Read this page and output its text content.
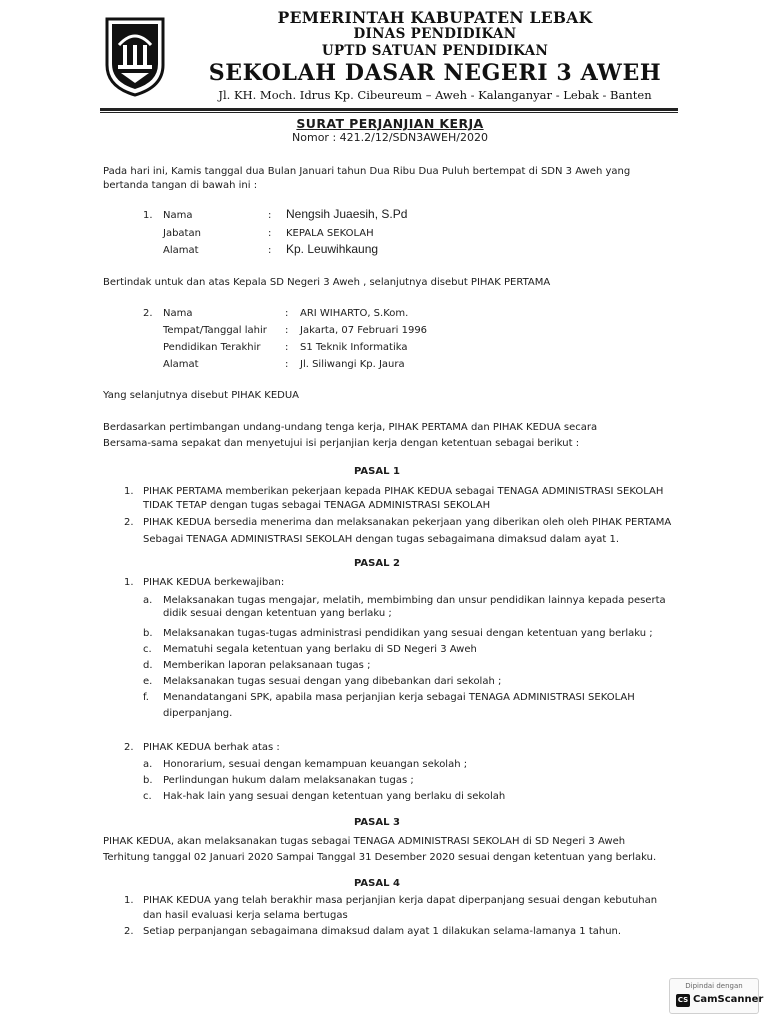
PEMERINTAH KABUPATEN LEBAK
DINAS PENDIDIKAN
UPTD SATUAN PENDIDIKAN
SEKOLAH DASAR NEGERI 3 AWEH
Jl. KH. Moch. Idrus Kp. Cibeureum – Aweh - Kalanganyar - Lebak - Banten
SURAT PERJANJIAN KERJA
Nomor : 421.2/12/SDN3AWEH/2020
Pada hari ini, Kamis tanggal dua Bulan Januari tahun Dua Ribu Dua Puluh bertempat di SDN 3 Aweh yang
bertanda tangan di bawah ini :
1. Nama	: Nengsih Juaesih, S.Pd
Jabatan	: KEPALA SEKOLAH
Alamat	: Kp. Leuwihkaung
Bertindak untuk dan atas Kepala SD Negeri 3 Aweh , selanjutnya disebut PIHAK PERTAMA
2. Nama	: ARI WIHARTO, S.Kom.
Tempat/Tanggal lahir : Jakarta, 07 Februari 1996
Pendidikan Terakhir : S1 Teknik Informatika
Alamat	: Jl. Siliwangi Kp. Jaura
Yang selanjutnya disebut PIHAK KEDUA
Berdasarkan pertimbangan undang-undang tenga kerja, PIHAK PERTAMA dan PIHAK KEDUA secara
Bersama-sama sepakat dan menyetujui isi perjanjian kerja dengan ketentuan sebagai berikut :
PASAL 1
1. PIHAK PERTAMA memberikan pekerjaan kepada PIHAK KEDUA sebagai TENAGA ADMINISTRASI SEKOLAH
TIDAK TETAP dengan tugas sebagai TENAGA ADMINISTRASI SEKOLAH
2. PIHAK KEDUA bersedia menerima dan melaksanakan pekerjaan yang diberikan oleh oleh PIHAK PERTAMA
Sebagai TENAGA ADMINISTRASI SEKOLAH dengan tugas sebagaimana dimaksud dalam ayat 1.
PASAL 2
1. PIHAK KEDUA berkewajiban:
a. Melaksanakan tugas mengajar, melatih, membimbing dan unsur pendidikan lainnya kepada peserta
didik sesuai dengan ketentuan yang berlaku ;
b. Melaksanakan tugas-tugas administrasi pendidikan yang sesuai dengan ketentuan yang berlaku ;
c. Mematuhi segala ketentuan yang berlaku di SD Negeri 3 Aweh
d. Memberikan laporan pelaksanaan tugas ;
e. Melaksanakan tugas sesuai dengan yang dibebankan dari sekolah ;
f. Menandatangani SPK, apabila masa perjanjian kerja sebagai TENAGA ADMINISTRASI SEKOLAH
diperpanjang.
2. PIHAK KEDUA berhak atas :
a. Honorarium, sesuai dengan kemampuan keuangan sekolah ;
b. Perlindungan hukum dalam melaksanakan tugas ;
c. Hak-hak lain yang sesuai dengan ketentuan yang berlaku di sekolah
PASAL 3
PIHAK KEDUA, akan melaksanakan tugas sebagai TENAGA ADMINISTRASI SEKOLAH di SD Negeri 3 Aweh
Terhitung tanggal 02 Januari 2020 Sampai Tanggal 31 Desember 2020 sesuai dengan ketentuan yang berlaku.
PASAL 4
1. PIHAK KEDUA yang telah berakhir masa perjanjian kerja dapat diperpanjang sesuai dengan kebutuhan
dan hasil evaluasi kerja selama bertugas
2. Setiap perpanjangan sebagaimana dimaksud dalam ayat 1 dilakukan selama-lamanya 1 tahun.
Dipindai dengan
CS CamScanner
